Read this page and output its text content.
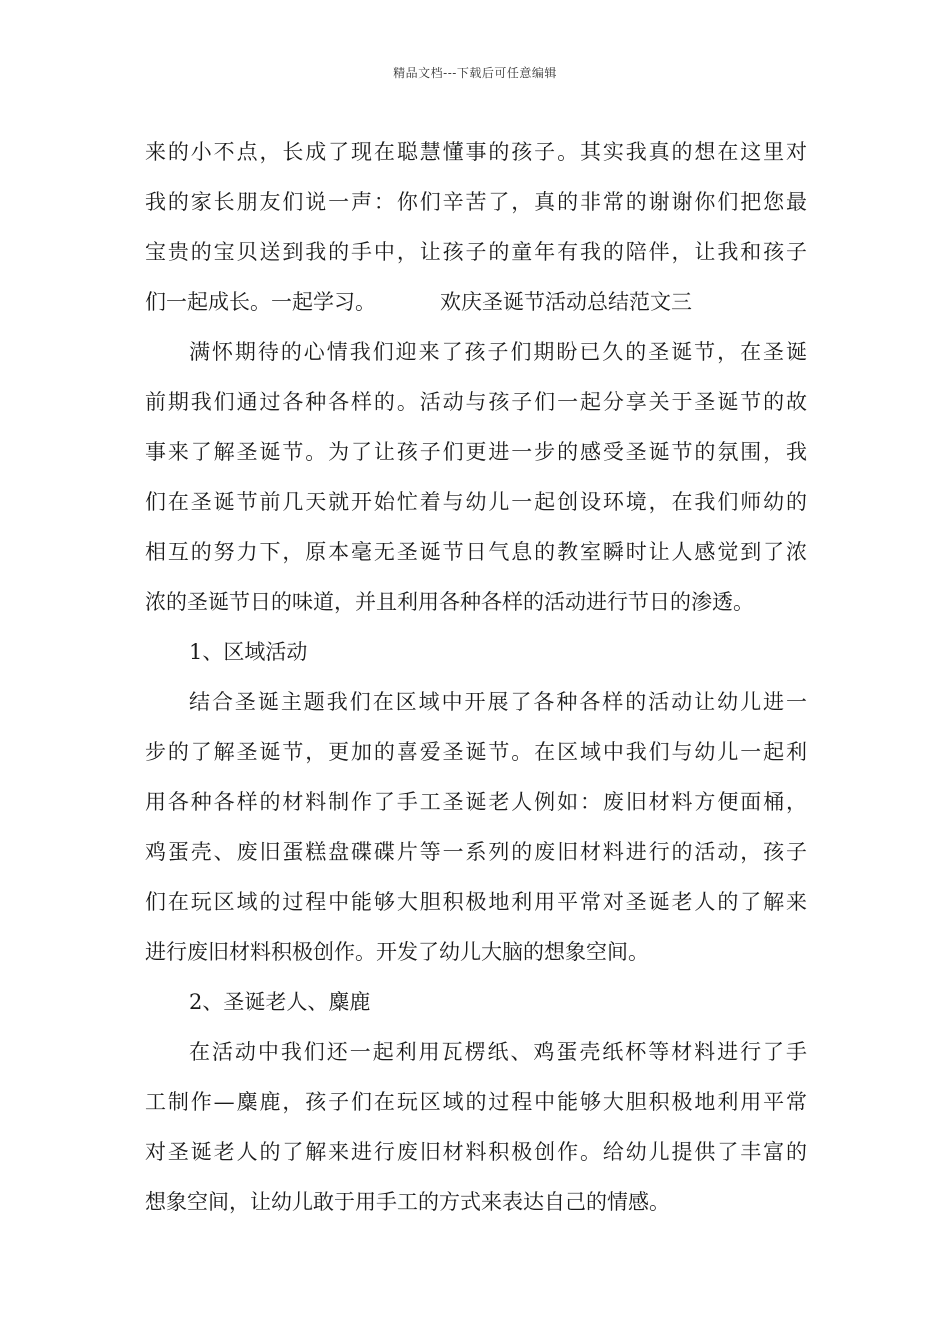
精品文档---下载后可任意编辑
来的小不点，长成了现在聪慧懂事的孩子。其实我真的想在这里对
我的家长朋友们说一声：你们辛苦了，真的非常的谢谢你们把您最
宝贵的宝贝送到我的手中，让孩子的童年有我的陪伴，让我和孩子
们一起成长。一起学习。	欢庆圣诞节活动总结范文三
满怀期待的心情我们迎来了孩子们期盼已久的圣诞节，在圣诞
前期我们通过各种各样的。活动与孩子们一起分享关于圣诞节的故
事来了解圣诞节。为了让孩子们更进一步的感受圣诞节的氛围，我
们在圣诞节前几天就开始忙着与幼儿一起创设环境，在我们师幼的
相互的努力下，原本毫无圣诞节日气息的教室瞬时让人感觉到了浓
浓的圣诞节日的味道，并且利用各种各样的活动进行节日的渗透。
1、区域活动
结合圣诞主题我们在区域中开展了各种各样的活动让幼儿进一
步的了解圣诞节，更加的喜爱圣诞节。在区域中我们与幼儿一起利
用各种各样的材料制作了手工圣诞老人例如：废旧材料方便面桶，
鸡蛋壳、废旧蛋糕盘碟碟片等一系列的废旧材料进行的活动，孩子
们在玩区域的过程中能够大胆积极地利用平常对圣诞老人的了解来
进行废旧材料积极创作。开发了幼儿大脑的想象空间。
2、圣诞老人、麋鹿
在活动中我们还一起利用瓦楞纸、鸡蛋壳纸杯等材料进行了手
工制作—麋鹿，孩子们在玩区域的过程中能够大胆积极地利用平常
对圣诞老人的了解来进行废旧材料积极创作。给幼儿提供了丰富的
想象空间，让幼儿敢于用手工的方式来表达自己的情感。
